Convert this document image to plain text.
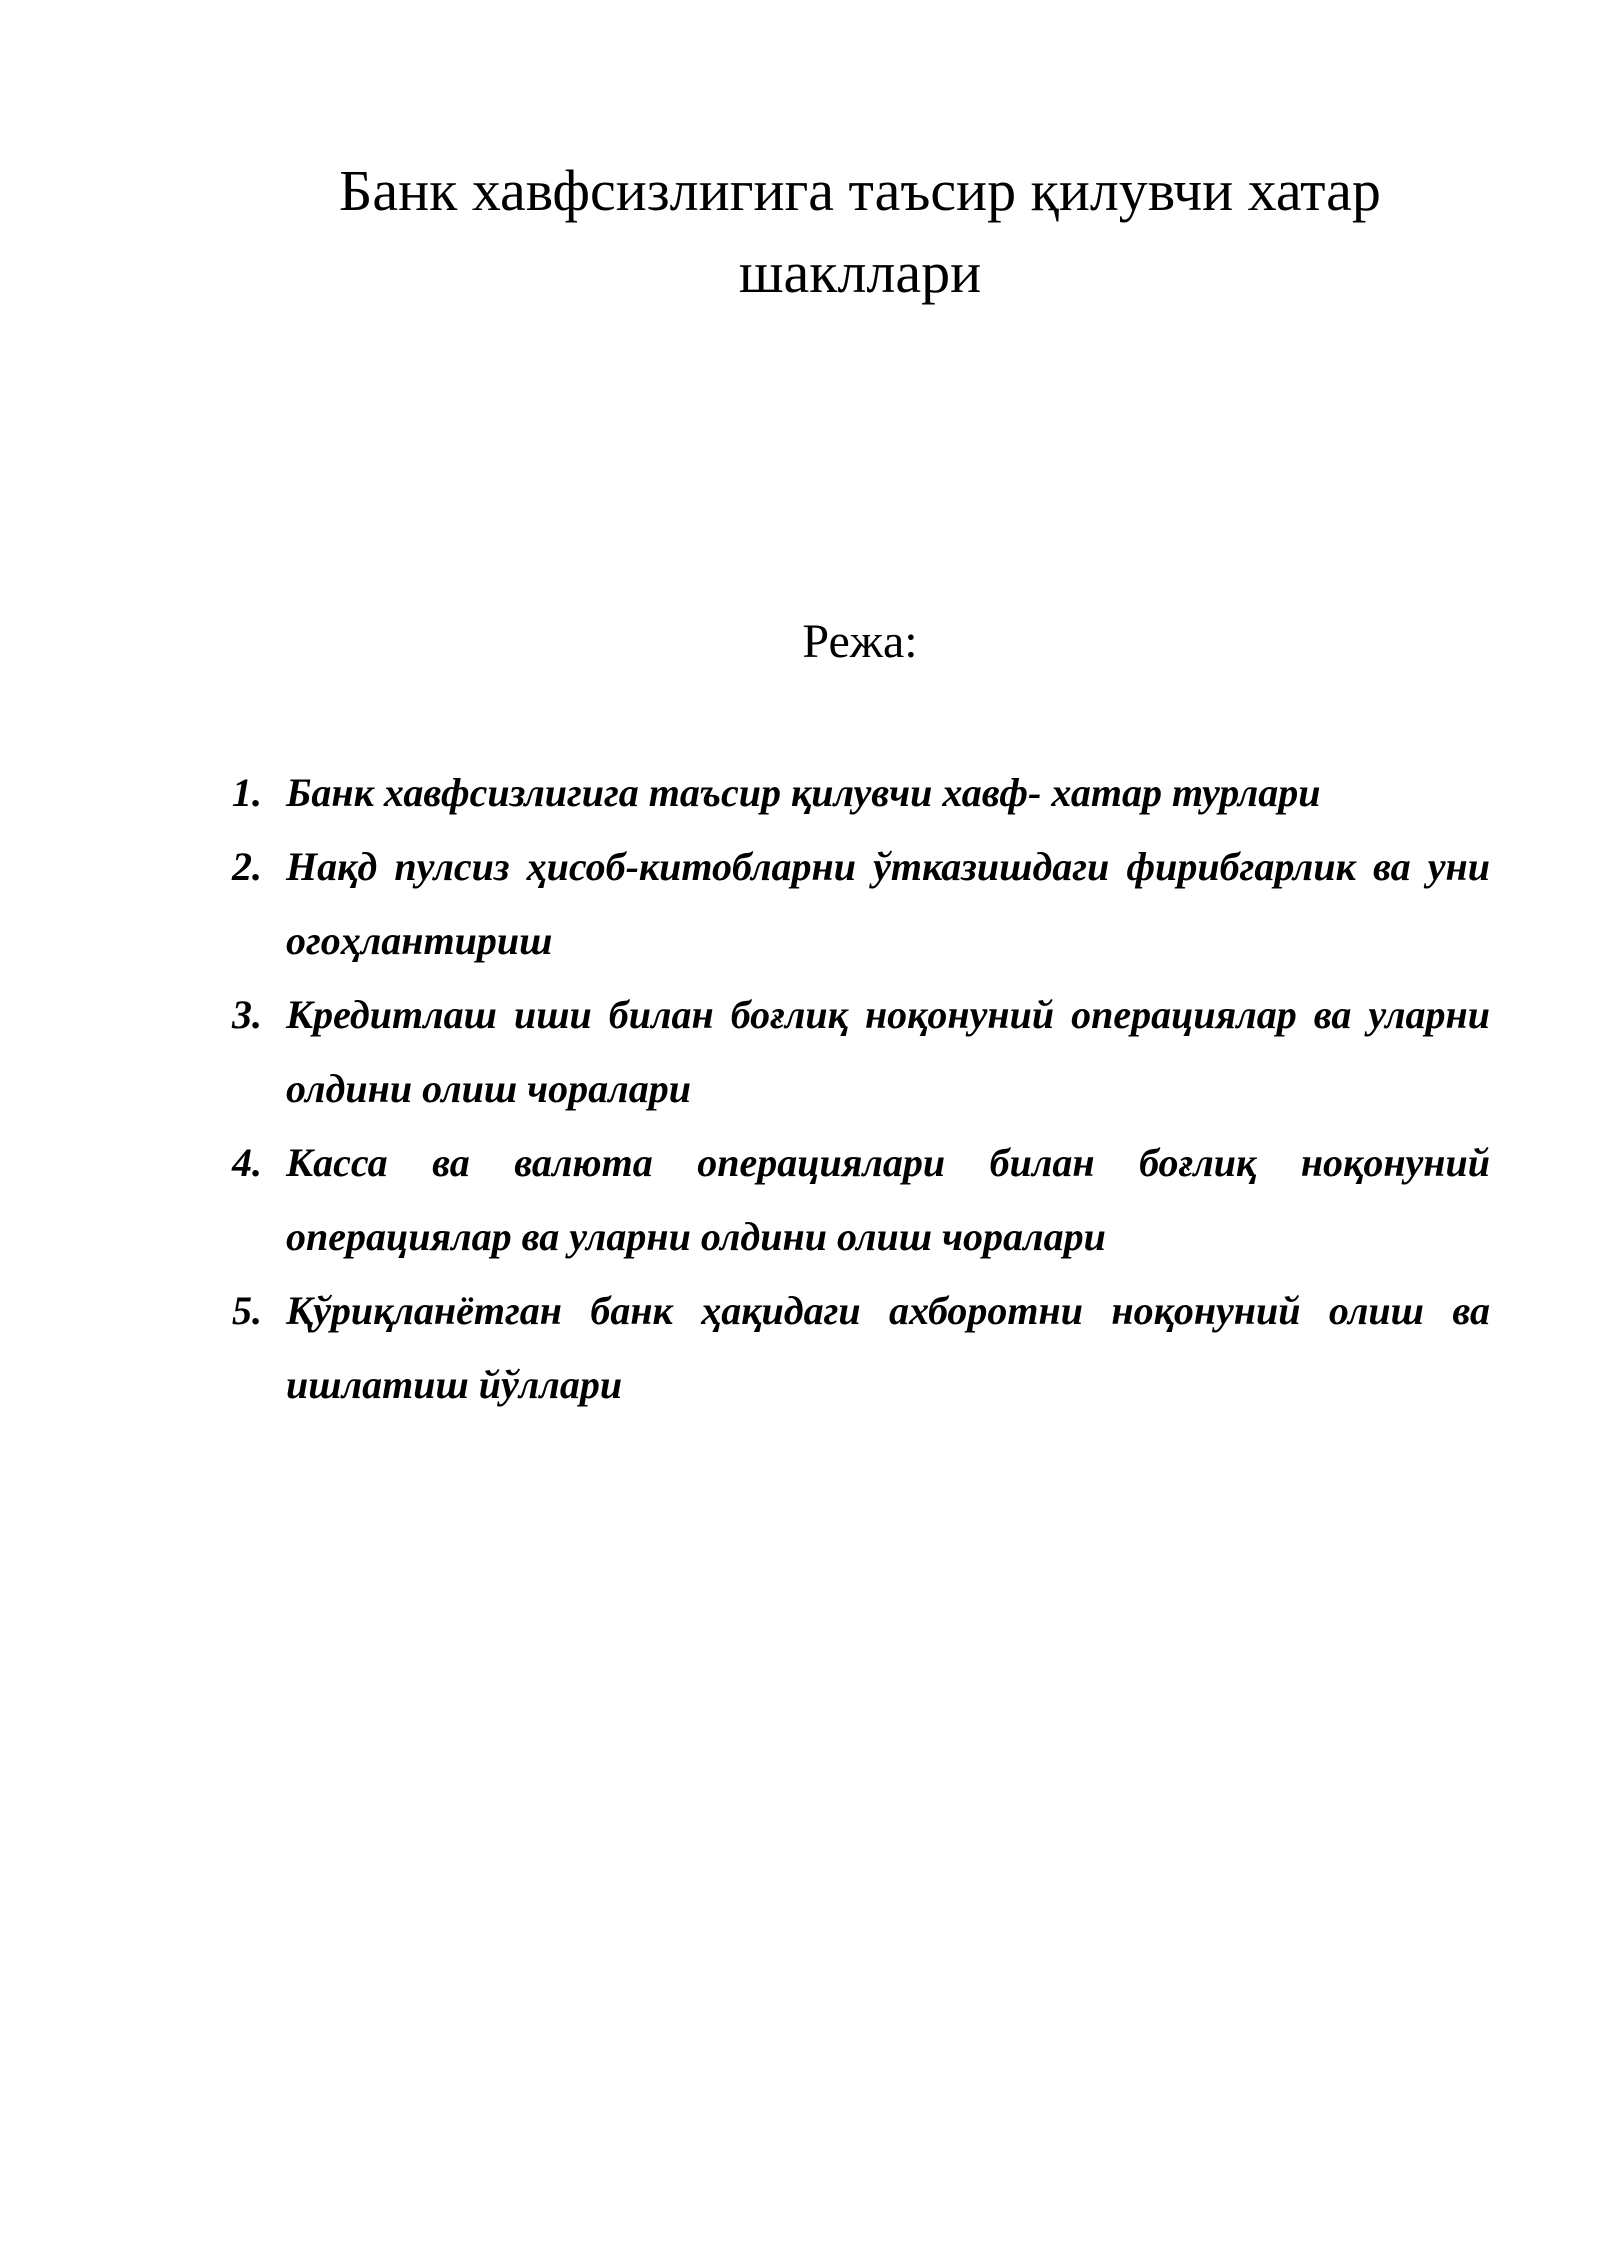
Банк хавфсизлигига таъсир қилувчи хатар
шакллари
Режа:
1. Банк хавфсизлигига таъсир қилувчи хавф- хатар турлари
2. Нақд пулсиз ҳисоб-китобларни ўтказишдаги фирибгарлик ва уни огоҳлантириш
3. Кредитлаш иши билан боғлиқ ноқонуний операциялар ва уларни олдини олиш чоралари
4. Касса ва валюта операциялари билан боғлиқ ноқонуний операциялар ва уларни олдини олиш чоралари
5. Қўриқланётган банк ҳақидаги ахборотни ноқонуний олиш ва ишлатиш йўллари
